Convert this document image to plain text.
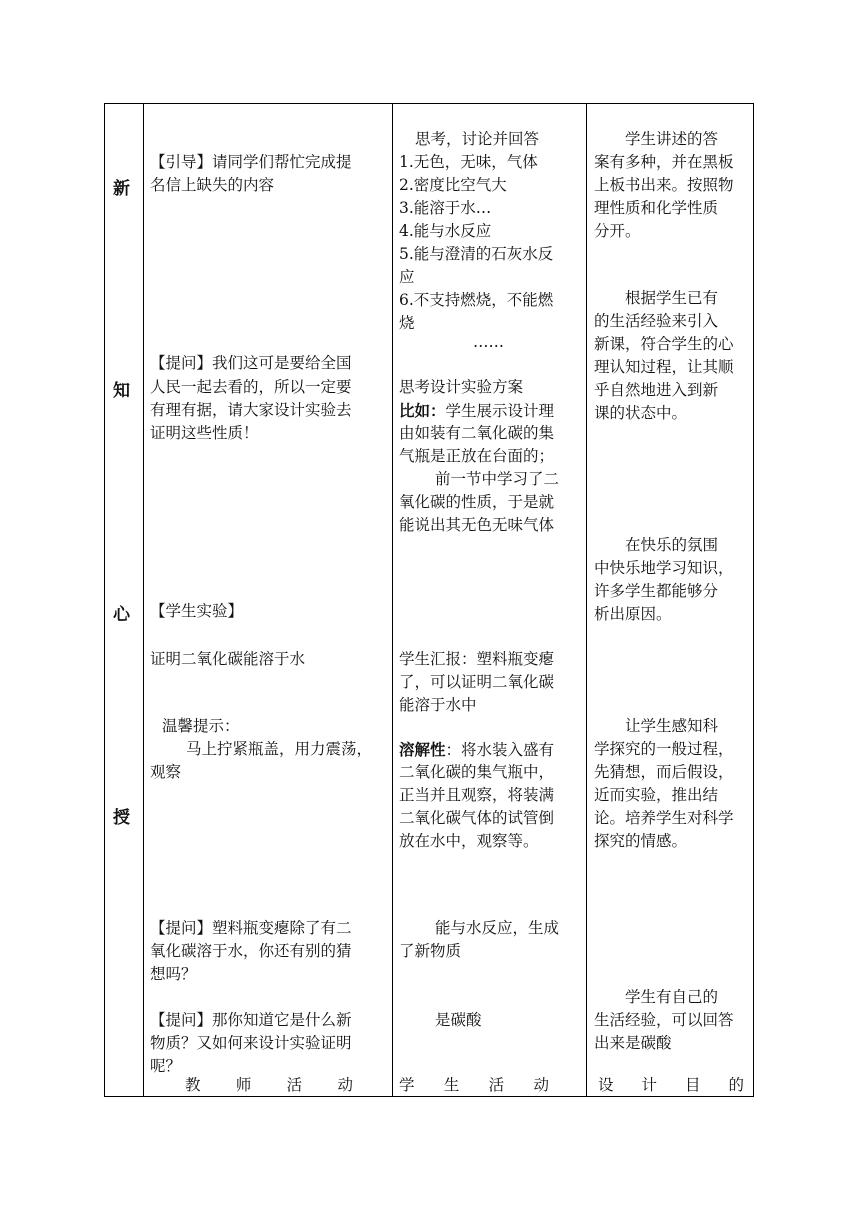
新
知
心
授
【引导】请同学们帮忙完成提
名信上缺失的内容
【提问】我们这可是要给全国
人民一起去看的，所以一定要
有理有据，请大家设计实验去
证明这些性质！
【学生实验】
证明二氧化碳能溶于水
温馨提示：
马上拧紧瓶盖，用力震荡，
观察
【提问】塑料瓶变瘪除了有二
氧化碳溶于水，你还有别的猜
想吗？
【提问】那你知道它是什么新
物质？又如何来设计实验证明
呢？
思考，讨论并回答
1.无色，无味，气体
2.密度比空气大
3.能溶于水…
4.能与水反应
5.能与澄清的石灰水反
应
6.不支持燃烧，不能燃
烧
……
思考设计实验方案
比如：学生展示设计理
由如装有二氧化碳的集
气瓶是正放在台面的；
前一节中学习了二
氧化碳的性质，于是就
能说出其无色无味气体
学生汇报：塑料瓶变瘪
了，可以证明二氧化碳
能溶于水中
溶解性：将水装入盛有
二氧化碳的集气瓶中，
正当并且观察，将装满
二氧化碳气体的试管倒
放在水中，观察等。
能与水反应，生成
了新物质
是碳酸
学生讲述的答
案有多种，并在黑板
上板书出来。按照物
理性质和化学性质
分开。
根据学生已有
的生活经验来引入
新课，符合学生的心
理认知过程，让其顺
乎自然地进入到新
课的状态中。
在快乐的氛围
中快乐地学习知识，
许多学生都能够分
析出原因。
让学生感知科
学探究的一般过程，
先猜想，而后假设，
近而实验，推出结
论。培养学生对科学
探究的情感。
学生有自己的
生活经验，可以回答
出来是碳酸
教 师 活 动	学 生 活 动	设 计 目 的
